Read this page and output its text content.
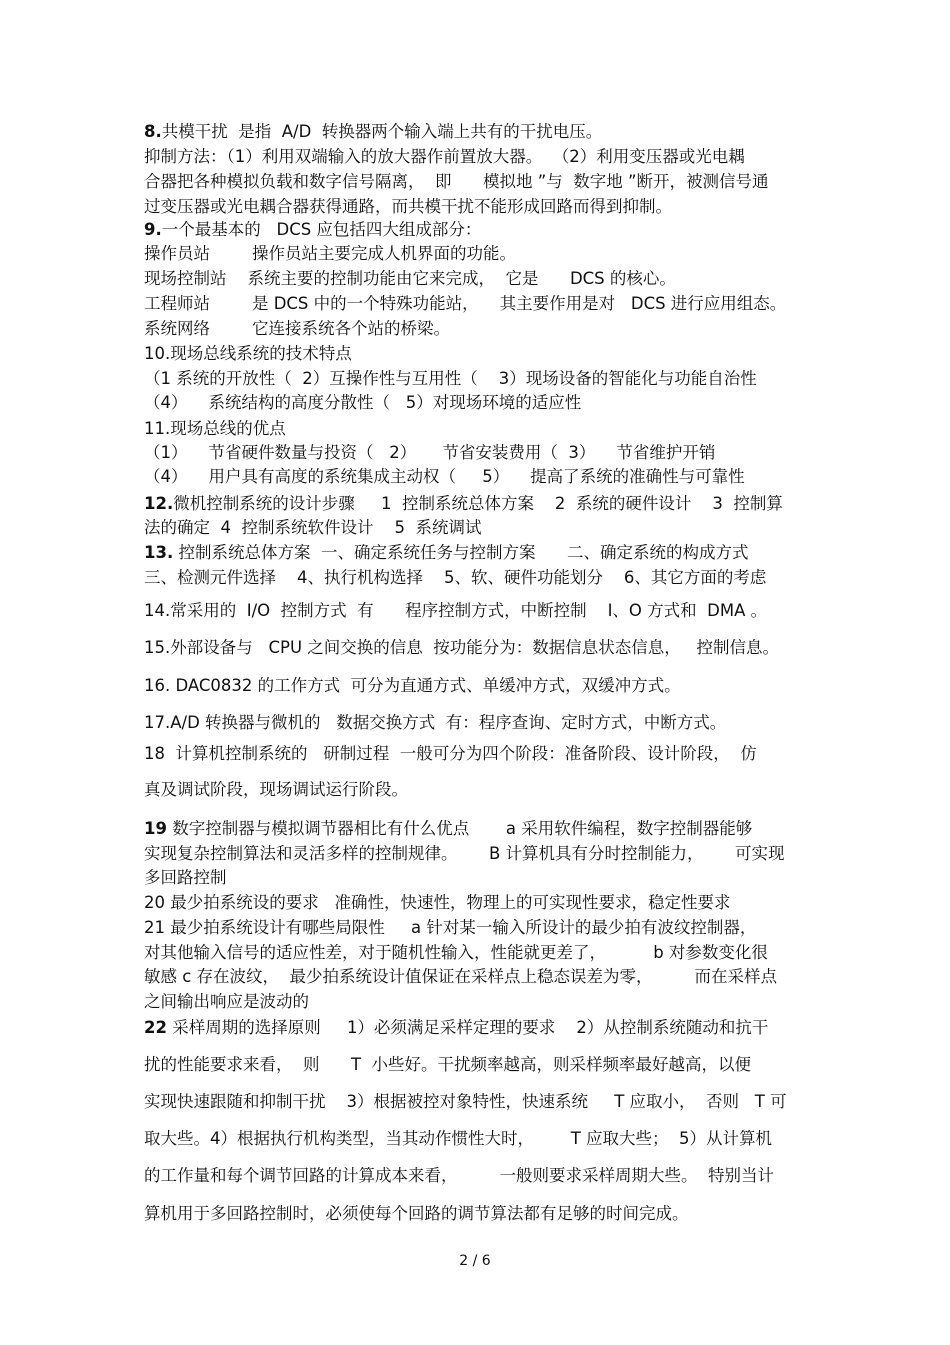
8.共模干扰  是指  A/D  转换器两个输入端上共有的干扰电压。
抑制方法：（1）利用双端输入的放大器作前置放大器。  （2）利用变压器或光电耦
合器把各种模拟负载和数字信号隔离，  即      模拟地 ”与  数字地 ”断开，被测信号通
过变压器或光电耦合器获得通路，而共模干扰不能形成回路而得到抑制。
9.一个最基本的   DCS 应包括四大组成部分：
操作员站        操作员站主要完成人机界面的功能。
现场控制站    系统主要的控制功能由它来完成，  它是      DCS 的核心。
工程师站        是 DCS 中的一个特殊功能站，    其主要作用是对   DCS 进行应用组态。
系统网络        它连接系统各个站的桥梁。
10.现场总线系统的技术特点
（1 系统的开放性（  2）互操作性与互用性（    3）现场设备的智能化与功能自治性
（4）    系统结构的高度分散性（   5）对现场环境的适应性
11.现场总线的优点
（1）    节省硬件数量与投资（   2）     节省安装费用（  3）    节省维护开销
（4）    用户具有高度的系统集成主动权（     5）    提高了系统的准确性与可靠性
12.微机控制系统的设计步骤     1  控制系统总体方案    2  系统的硬件设计    3  控制算
法的确定  4  控制系统软件设计    5  系统调试
13. 控制系统总体方案  一、确定系统任务与控制方案      二、确定系统的构成方式
三、检测元件选择    4、执行机构选择    5、软、硬件功能划分    6、其它方面的考虑
14.常采用的  I/O  控制方式  有      程序控制方式，中断控制    I、O 方式和  DMA 。
15.外部设备与   CPU 之间交换的信息  按功能分为：数据信息状态信息，   控制信息。
16. DAC0832 的工作方式  可分为直通方式、单缓冲方式，双缓冲方式。
17.A/D 转换器与微机的   数据交换方式  有：程序查询、定时方式，中断方式。
18  计算机控制系统的   研制过程  一般可分为四个阶段：准备阶段、设计阶段，  仿
真及调试阶段，现场调试运行阶段。
19 数字控制器与模拟调节器相比有什么优点       a 采用软件编程，数字控制器能够
实现复杂控制算法和灵活多样的控制规律。      B 计算机具有分时控制能力，      可实现
多回路控制
20 最少拍系统设的要求   准确性，快速性，物理上的可实现性要求，稳定性要求
21 最少拍系统设计有哪些局限性     a 针对某一输入所设计的最少拍有波纹控制器，
对其他输入信号的适应性差，对于随机性输入，性能就更差了，         b 对参数变化很
敏感 c 存在波纹，  最少拍系统设计值保证在采样点上稳态误差为零，        而在采样点
之间输出响应是波动的
22 采样周期的选择原则     1）必须满足采样定理的要求    2）从控制系统随动和抗干
扰的性能要求来看，  则      T  小些好。干扰频率越高，则采样频率最好越高，以便
实现快速跟随和抑制干扰    3）根据被控对象特性，快速系统     T 应取小，  否则   T 可
取大些。4）根据执行机构类型，当其动作惯性大时，       T 应取大些；  5）从计算机
的工作量和每个调节回路的计算成本来看，        一般则要求采样周期大些。  特别当计
算机用于多回路控制时，必须使每个回路的调节算法都有足够的时间完成。
2 / 6
